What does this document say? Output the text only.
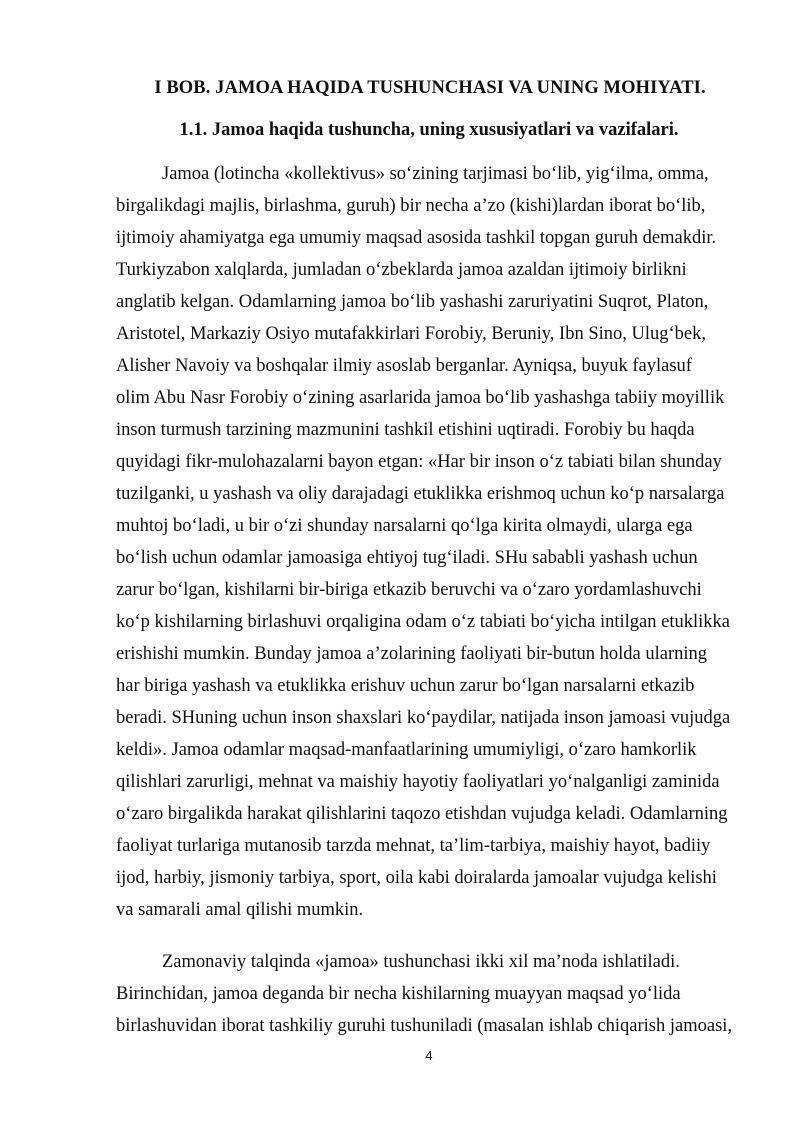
I BOB. JAMOA HAQIDA TUSHUNCHASI VA UNING MOHIYATI.
1.1. Jamoa haqida tushuncha, uning xususiyatlari va vazifalari.
Jamoa (lotincha «kollektivus» so‘zining tarjimasi bo‘lib, yig‘ilma, omma,
birgalikdagi majlis, birlashma, guruh) bir necha a’zo (kishi)lardan iborat bo‘lib,
ijtimoiy ahamiyatga ega umumiy maqsad asosida tashkil topgan guruh demakdir.
Turkiyzabon xalqlarda, jumladan o‘zbeklarda jamoa azaldan ijtimoiy birlikni
anglatib kelgan. Odamlarning jamoa bo‘lib yashashi zaruriyatini Suqrot, Platon,
Aristotel, Markaziy Osiyo mutafakkirlari Forobiy, Beruniy, Ibn Sino, Ulug‘bek,
Alisher Navoiy va boshqalar ilmiy asoslab berganlar. Ayniqsa, buyuk faylasuf
olim Abu Nasr Forobiy o‘zining asarlarida jamoa bo‘lib yashashga tabiiy moyillik
inson turmush tarzining mazmunini tashkil etishini uqtiradi. Forobiy bu haqda
quyidagi fikr-mulohazalarni bayon etgan: «Har bir inson o‘z tabiati bilan shunday
tuzilganki, u yashash va oliy darajadagi etuklikka erishmoq uchun ko‘p narsalarga
muhtoj bo‘ladi, u bir o‘zi shunday narsalarni qo‘lga kirita olmaydi, ularga ega
bo‘lish uchun odamlar jamoasiga ehtiyoj tug‘iladi. SHu sababli yashash uchun
zarur bo‘lgan, kishilarni bir-biriga etkazib beruvchi va o‘zaro yordamlashuvchi
ko‘p kishilarning birlashuvi orqaligina odam o‘z tabiati bo‘yicha intilgan etuklikka
erishishi mumkin. Bunday jamoa a’zolarining faoliyati bir-butun holda ularning
har biriga yashash va etuklikka erishuv uchun zarur bo‘lgan narsalarni etkazib
beradi. SHuning uchun inson shaxslari ko‘paydilar, natijada inson jamoasi vujudga
keldi». Jamoa odamlar maqsad-manfaatlarining umumiyligi, o‘zaro hamkorlik
qilishlari zarurligi, mehnat va maishiy hayotiy faoliyatlari yo‘nalganligi zaminida
o‘zaro birgalikda harakat qilishlarini taqozo etishdan vujudga keladi. Odamlarning
faoliyat turlariga mutanosib tarzda mehnat, ta’lim-tarbiya, maishiy hayot, badiiy
ijod, harbiy, jismoniy tarbiya, sport, oila kabi doiralarda jamoalar vujudga kelishi
va samarali amal qilishi mumkin.
Zamonaviy talqinda «jamoa» tushunchasi ikki xil ma’noda ishlatiladi.
Birinchidan, jamoa deganda bir necha kishilarning muayyan maqsad yo‘lida
birlashuvidan iborat tashkiliy guruhi tushuniladi (masalan ishlab chiqarish jamoasi,
4
